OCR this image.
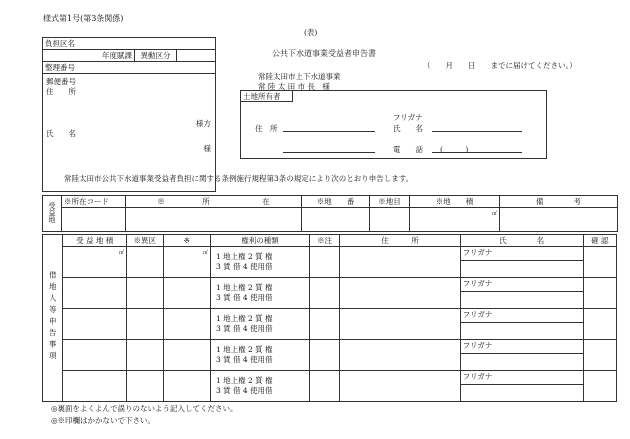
様式第1号(第3条関係)
(表)
負担区名
年度賦課	異動区分	
整理番号

郵便番号
住　　所
様方
氏　　名
様
公共下水道事業受益者申告書
（　　月　　日　　までに届けてください。）
常陸太田市上下水道事業
常 陸 太 田 市 長　様
土地所有者
フリガナ
住　所	氏　　名
電　　話 (　　　)
常陸太田市公共下水道事業受益者負担に関する条例施行規程第3条の規定により次のとおり申告します。
受益地	※所在コード	※　　　　　所　　　　　　　在	※地　　番	※地目	※地　　積	備　　　　考
					㎡	
借地人等申告事項	受 益 地 積	※異区	※	権利の種類	※注	住　　　所	氏　　　　名	確 認
	㎡		㎡	1 地上権 2 質 権
3 賃 借 4 使用借			フリガナ	

				1 地上権 2 質 権
3 賃 借 4 使用借			フリガナ	

				1 地上権 2 質 権
3 賃 借 4 使用借			フリガナ	

				1 地上権 2 質 権
3 賃 借 4 使用借			フリガナ	

				1 地上権 2 質 権
3 賃 借 4 使用借			フリガナ	

◎裏面をよくよんで誤りのないよう記入してください。
◎※印欄はかかないで下さい。
